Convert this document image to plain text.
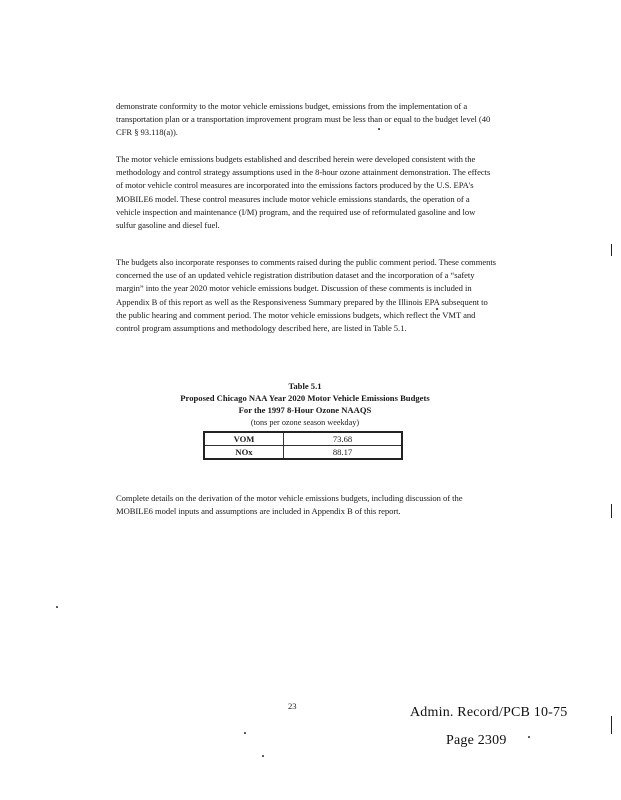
demonstrate conformity to the motor vehicle emissions budget, emissions from the implementation of a transportation plan or a transportation improvement program must be less than or equal to the budget level (40 CFR § 93.118(a)).

The motor vehicle emissions budgets established and described herein were developed consistent with the methodology and control strategy assumptions used in the 8-hour ozone attainment demonstration. The effects of motor vehicle control measures are incorporated into the emissions factors produced by the U.S. EPA's MOBILE6 model. These control measures include motor vehicle emissions standards, the operation of a vehicle inspection and maintenance (I/M) program, and the required use of reformulated gasoline and low sulfur gasoline and diesel fuel.

The budgets also incorporate responses to comments raised during the public comment period. These comments concerned the use of an updated vehicle registration distribution dataset and the incorporation of a “safety margin” into the year 2020 motor vehicle emissions budget. Discussion of these comments is included in Appendix B of this report as well as the Responsiveness Summary prepared by the Illinois EPA subsequent to the public hearing and comment period. The motor vehicle emissions budgets, which reflect the VMT and control program assumptions and methodology described here, are listed in Table 5.1.

Table 5.1
Proposed Chicago NAA Year 2020 Motor Vehicle Emissions Budgets
For the 1997 8-Hour Ozone NAAQS
(tons per ozone season weekday)
VOM	73.68
NOx	88.17

Complete details on the derivation of the motor vehicle emissions budgets, including discussion of the MOBILE6 model inputs and assumptions are included in Appendix B of this report.

23	Admin. Record/PCB 10-75
Page 2309
